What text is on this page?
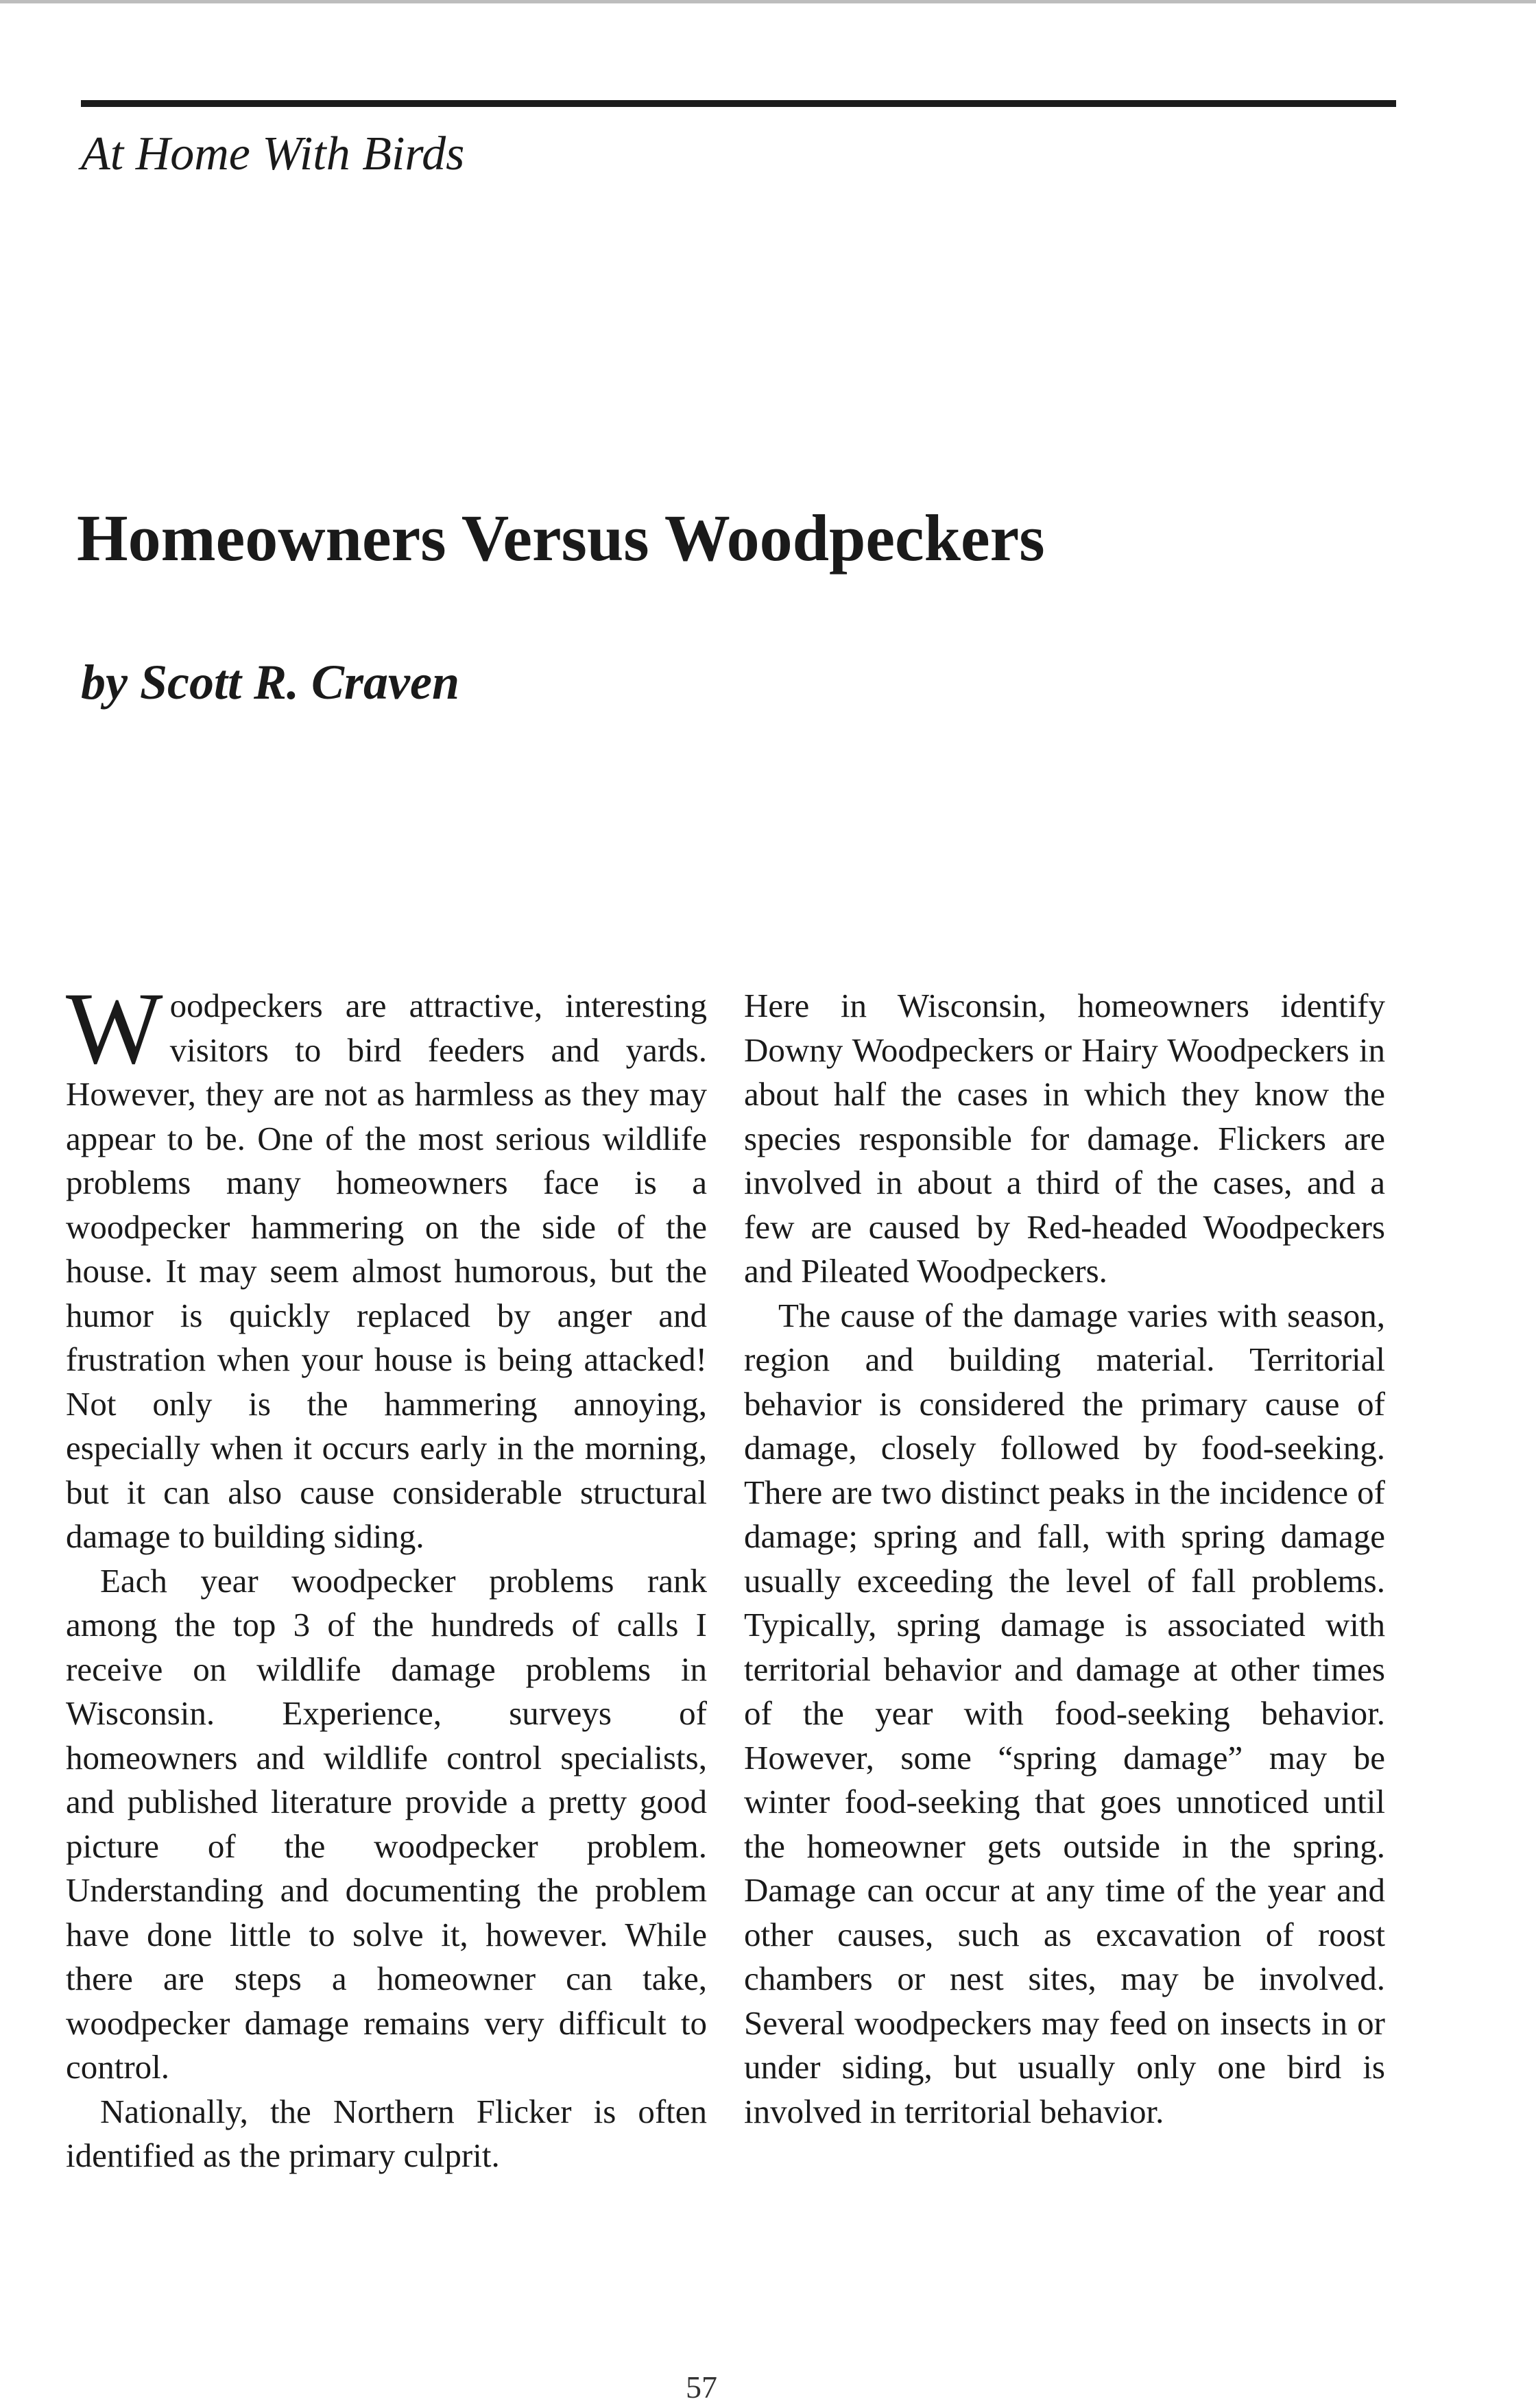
At Home With Birds
Homeowners Versus Woodpeckers
by Scott R. Craven

Woodpeckers are attractive, interesting visitors to bird feeders and yards. However, they are not as harmless as they may appear to be. One of the most serious wildlife problems many homeowners face is a woodpecker hammering on the side of the house. It may seem almost humorous, but the humor is quickly replaced by anger and frustration when your house is being attacked! Not only is the hammering annoying, especially when it occurs early in the morning, but it can also cause considerable structural damage to building siding.

Each year woodpecker problems rank among the top 3 of the hundreds of calls I receive on wildlife damage problems in Wisconsin. Experience, surveys of homeowners and wildlife control specialists, and published literature provide a pretty good picture of the woodpecker problem. Understanding and documenting the problem have done little to solve it, however. While there are steps a homeowner can take, woodpecker damage remains very difficult to control.

Nationally, the Northern Flicker is often identified as the primary culprit.

Here in Wisconsin, homeowners identify Downy Woodpeckers or Hairy Woodpeckers in about half the cases in which they know the species responsible for damage. Flickers are involved in about a third of the cases, and a few are caused by Red-headed Woodpeckers and Pileated Woodpeckers.

The cause of the damage varies with season, region and building material. Territorial behavior is considered the primary cause of damage, closely followed by food-seeking. There are two distinct peaks in the incidence of damage; spring and fall, with spring damage usually exceeding the level of fall problems. Typically, spring damage is associated with territorial behavior and damage at other times of the year with food-seeking behavior. However, some “spring damage” may be winter food-seeking that goes unnoticed until the homeowner gets outside in the spring. Damage can occur at any time of the year and other causes, such as excavation of roost chambers or nest sites, may be involved. Several woodpeckers may feed on insects in or under siding, but usually only one bird is involved in territorial behavior.

57
